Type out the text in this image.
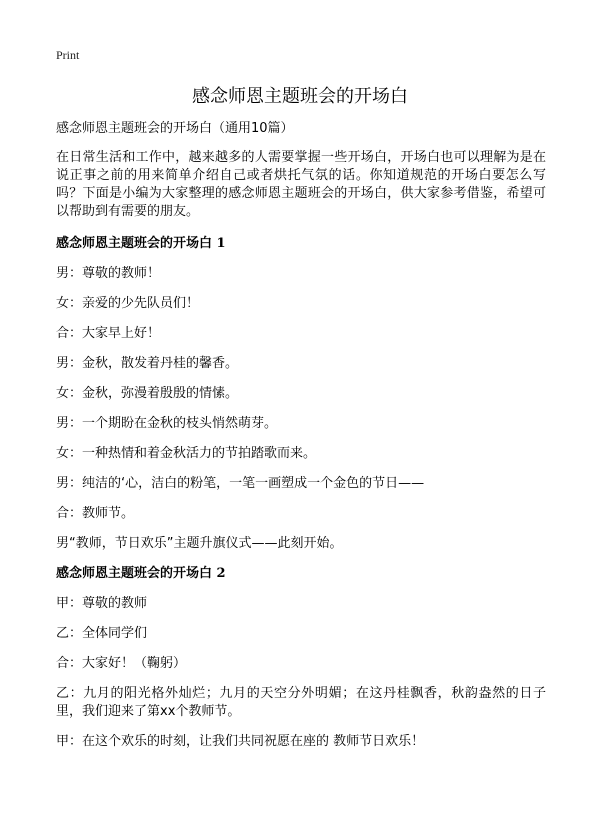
Print
感念师恩主题班会的开场白

感念师恩主题班会的开场白（通用10篇）

在日常生活和工作中，越来越多的人需要掌握一些开场白，开场白也可以理解为是在说正事之前的用来简单介绍自己或者烘托气氛的话。你知道规范的开场白要怎么写吗？下面是小编为大家整理的感念师恩主题班会的开场白，供大家参考借鉴，希望可以帮助到有需要的朋友。

感念师恩主题班会的开场白 1

男：尊敬的教师！

女：亲爱的少先队员们！

合：大家早上好！

男：金秋，散发着丹桂的馨香。

女：金秋，弥漫着殷殷的情愫。

男：一个期盼在金秋的枝头悄然萌芽。

女：一种热情和着金秋活力的节拍踏歌而来。

男：纯洁的‘心，洁白的粉笔，一笔一画塑成一个金色的节日——

合：教师节。

男“教师，节日欢乐”主题升旗仪式——此刻开始。

感念师恩主题班会的开场白 2

甲：尊敬的教师

乙：全体同学们

合：大家好！（鞠躬）

乙：九月的阳光格外灿烂；九月的天空分外明媚；在这丹桂飘香，秋韵盎然的日子里，我们迎来了第xx个教师节。

甲：在这个欢乐的时刻，让我们共同祝愿在座的 教师节日欢乐！
